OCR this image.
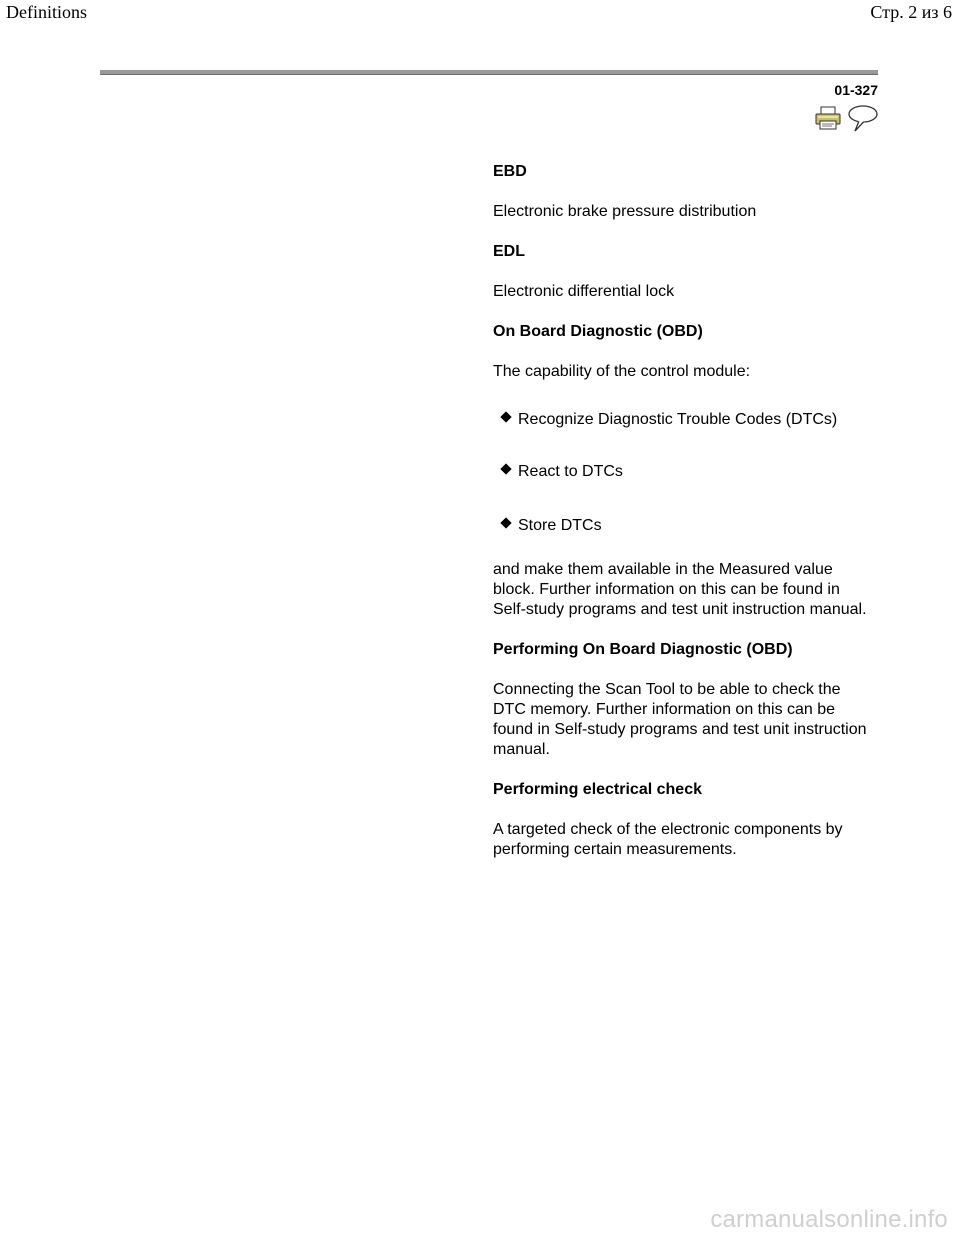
Definitions	Стр. 2 из 6
01-327

EBD

Electronic brake pressure distribution

EDL

Electronic differential lock

On Board Diagnostic (OBD)

The capability of the control module:

Recognize Diagnostic Trouble Codes (DTCs)
React to DTCs
Store DTCs

and make them available in the Measured value block. Further information on this can be found in Self-study programs and test unit instruction manual.

Performing On Board Diagnostic (OBD)

Connecting the Scan Tool to be able to check the DTC memory. Further information on this can be found in Self-study programs and test unit instruction manual.

Performing electrical check

A targeted check of the electronic components by performing certain measurements.

carmanualsonline.info
